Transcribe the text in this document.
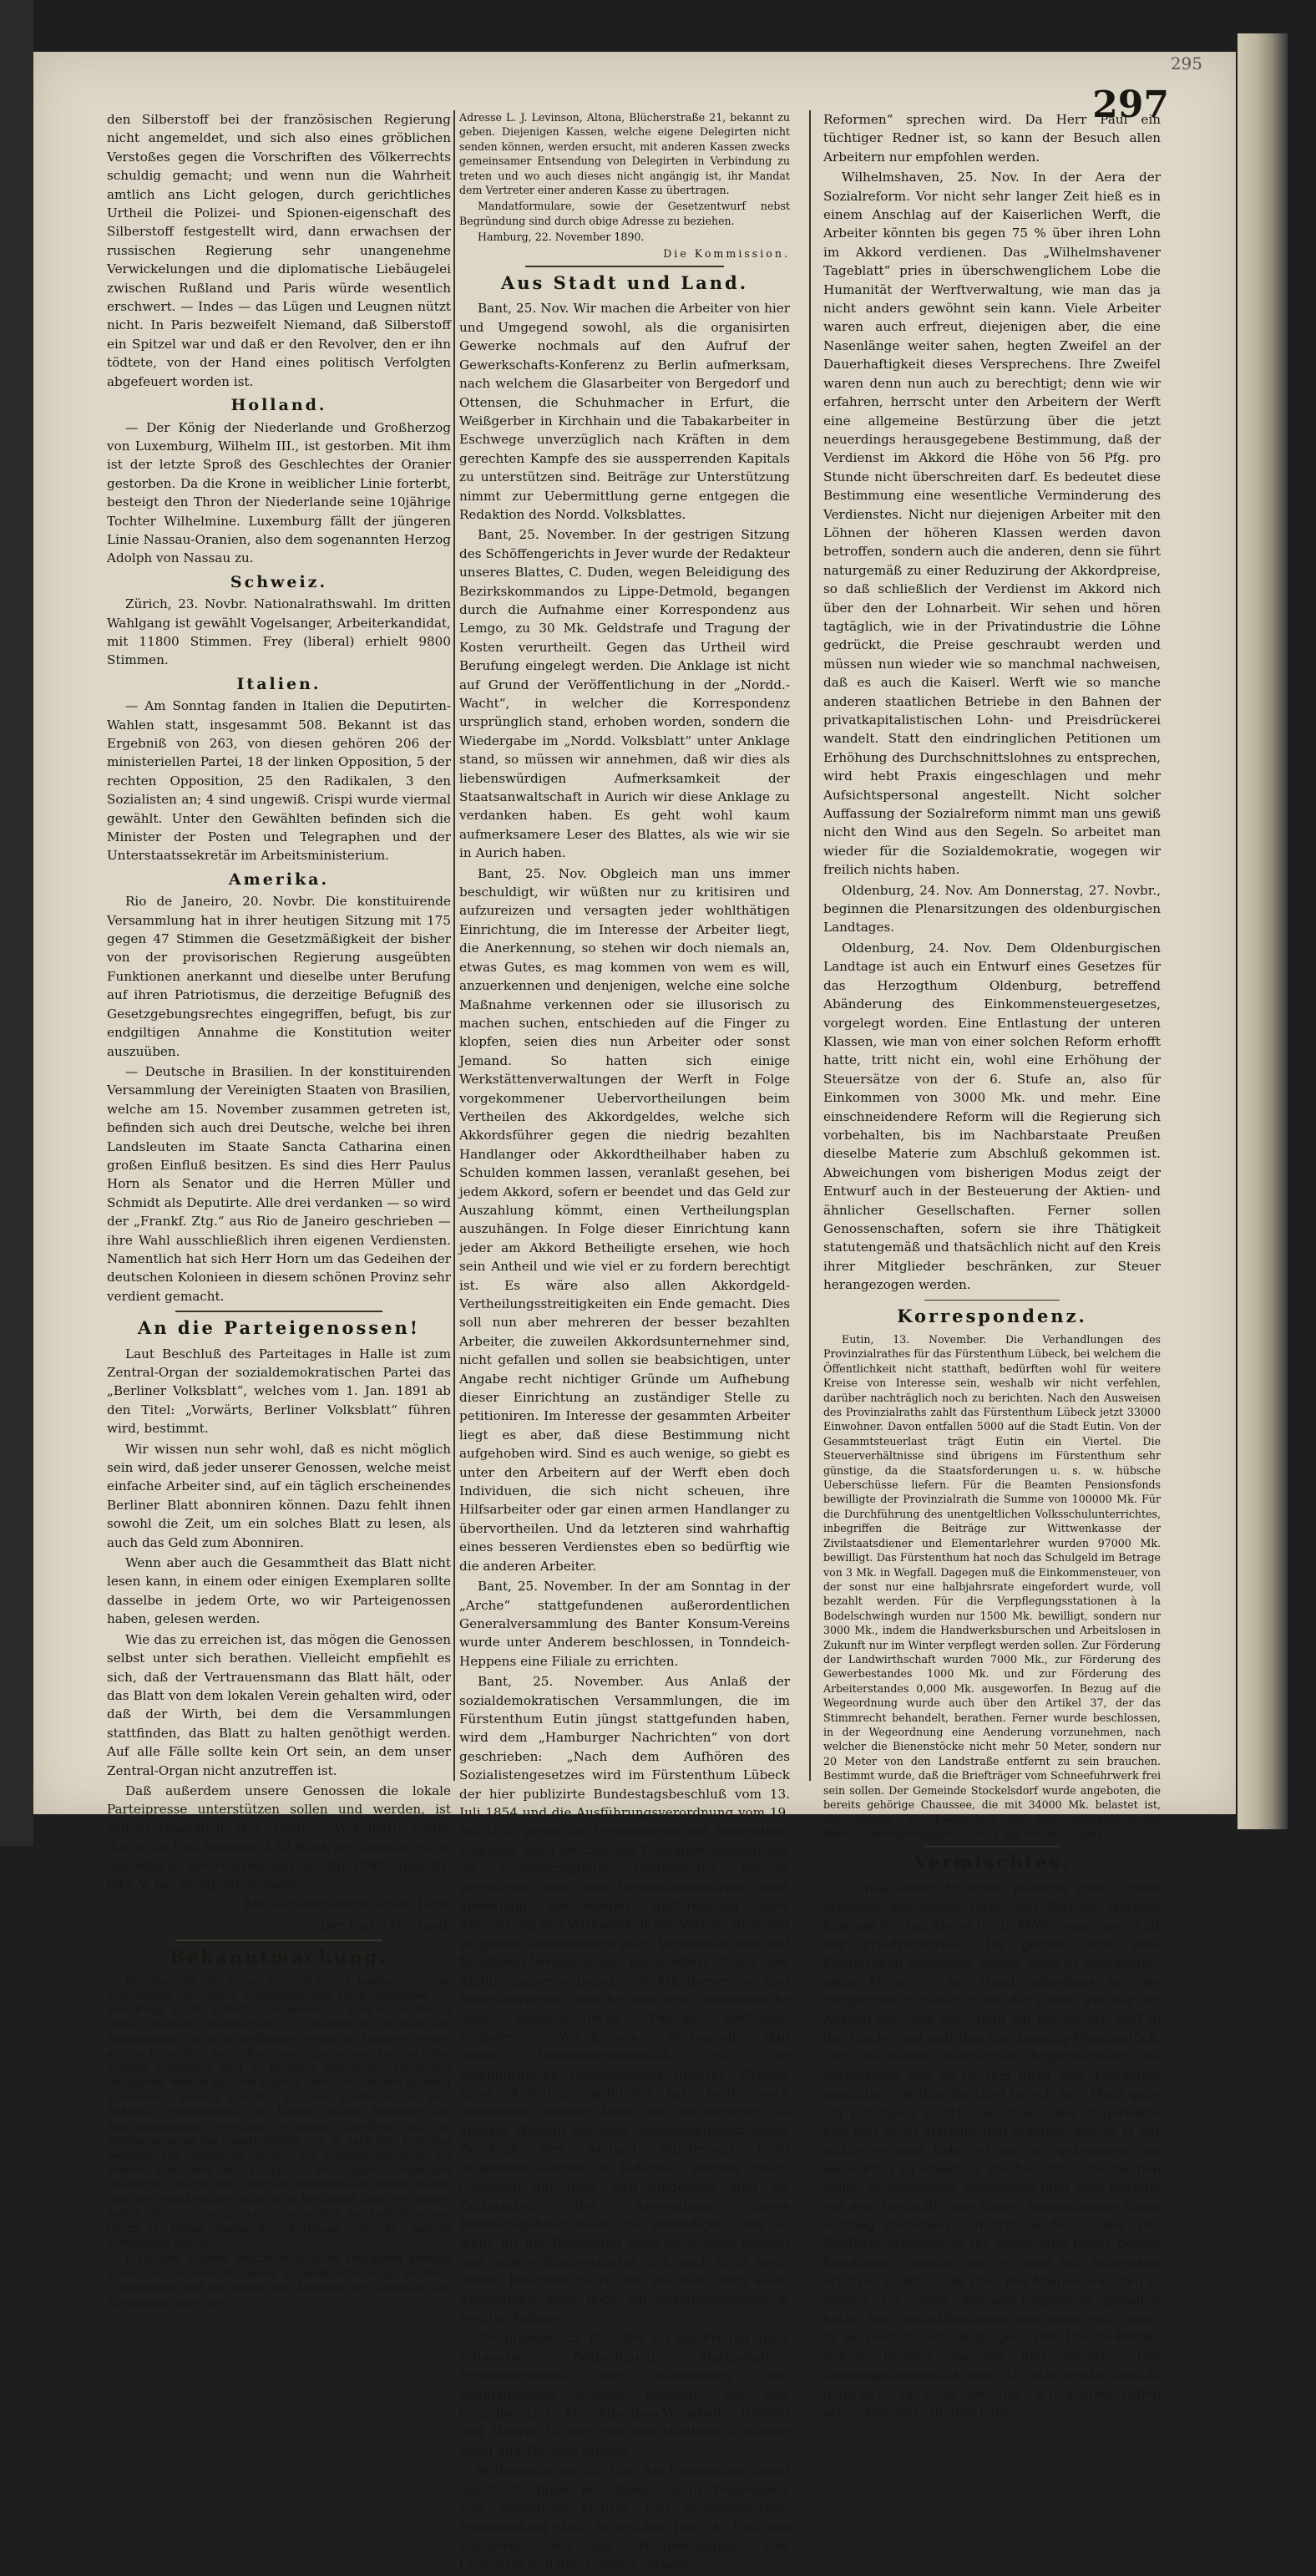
297
295

den Silberstoff bei der französischen Regierung nicht angemeldet, und sich also eines gröblichen Verstoßes gegen die Vorschriften des Völkerrechts schuldig gemacht; und wenn nun die Wahrheit amtlich ans Licht gelogen, durch gerichtliches Urtheil die Polizei- und Spionen-eigenschaft des Silberstoff festgestellt wird, dann erwachsen der russischen Regierung sehr unangenehme Verwickelungen und die diplomatische Liebäugelei zwischen Rußland und Paris würde wesentlich erschwert. — Indes — das Lügen und Leugnen nützt nicht. In Paris bezweifelt Niemand, daß Silberstoff ein Spitzel war und daß er den Revolver, den er ihn tödtete, von der Hand eines politisch Verfolgten abgefeuert worden ist.

Holland.

— Der König der Niederlande und Großherzog von Luxemburg, Wilhelm III., ist gestorben. Mit ihm ist der letzte Sproß des Geschlechtes der Oranier gestorben. Da die Krone in weiblicher Linie forterbt, besteigt den Thron der Niederlande seine 10jährige Tochter Wilhelmine. Luxemburg fällt der jüngeren Linie Nassau-Oranien, also dem sogenannten Herzog Adolph von Nassau zu.

Schweiz.

Zürich, 23. Novbr. Nationalrathswahl. Im dritten Wahlgang ist gewählt Vogelsanger, Arbeiterkandidat, mit 11800 Stimmen. Frey (liberal) erhielt 9800 Stimmen.

Italien.

— Am Sonntag fanden in Italien die Deputirten-Wahlen statt, insgesammt 508. Bekannt ist das Ergebniß von 263, von diesen gehören 206 der ministeriellen Partei, 18 der linken Opposition, 5 der rechten Opposition, 25 den Radikalen, 3 den Sozialisten an; 4 sind ungewiß. Crispi wurde viermal gewählt. Unter den Gewählten befinden sich die Minister der Posten und Telegraphen und der Unterstaatssekretär im Arbeitsministerium.

Amerika.

Rio de Janeiro, 20. Novbr. Die konstituirende Versammlung hat in ihrer heutigen Sitzung mit 175 gegen 47 Stimmen die Gesetzmäßigkeit der bisher von der provisorischen Regierung ausgeübten Funktionen anerkannt und dieselbe unter Berufung auf ihren Patriotismus, die derzeitige Befugniß des Gesetzgebungsrechtes eingegriffen, befugt, bis zur endgiltigen Annahme die Konstitution weiter auszuüben.

— Deutsche in Brasilien. In der konstituirenden Versammlung der Vereinigten Staaten von Brasilien, welche am 15. November zusammen getreten ist, befinden sich auch drei Deutsche, welche bei ihren Landsleuten im Staate Sancta Catharina einen großen Einfluß besitzen. Es sind dies Herr Paulus Horn als Senator und die Herren Müller und Schmidt als Deputirte. Alle drei verdanken — so wird der „Frankf. Ztg.“ aus Rio de Janeiro geschrieben — ihre Wahl ausschließlich ihren eigenen Verdiensten. Namentlich hat sich Herr Horn um das Gedeihen der deutschen Kolonieen in diesem schönen Provinz sehr verdient gemacht.

An die Parteigenossen!

Laut Beschluß des Parteitages in Halle ist zum Zentral-Organ der sozialdemokratischen Partei das „Berliner Volksblatt“, welches vom 1. Jan. 1891 ab den Titel: „Vorwärts, Berliner Volksblatt“ führen wird, bestimmt.

Wir wissen nun sehr wohl, daß es nicht möglich sein wird, daß jeder unserer Genossen, welche meist einfache Arbeiter sind, auf ein täglich erscheinendes Berliner Blatt abonniren können. Dazu fehlt ihnen sowohl die Zeit, um ein solches Blatt zu lesen, als auch das Geld zum Abonniren.

Wenn aber auch die Gesammtheit das Blatt nicht lesen kann, in einem oder einigen Exemplaren sollte dasselbe in jedem Orte, wo wir Parteigenossen haben, gelesen werden.

Wie das zu erreichen ist, das mögen die Genossen selbst unter sich berathen. Vielleicht empfiehlt es sich, daß der Vertrauensmann das Blatt hält, oder das Blatt von dem lokalen Verein gehalten wird, oder daß der Wirth, bei dem die Versammlungen stattfinden, das Blatt zu halten genöthigt werden. Auf alle Fälle sollte kein Ort sein, an dem unser Zentral-Organ nicht anzutreffen ist.

Daß außerdem unsere Genossen die lokale Parteipresse unterstützen sollen und werden, ist selbstverständlich. Das „Berliner Volksblatt“ kostet durch die Post bezogen 3,30 Mark pro Quartal, es ist dasselbe in der Postzeitungsliste für 1890 unter Nr. 892, V. Nachtrag, eingetragen.

Mit sozialdemokratischem Gruß

Der Partei-Vorstand.

Bekanntmachung.

Der Kongreß der freien und auf Grund landesrechtlicher Vorschriften errichteten Hilfskassen tritt am 8. Dezember cr., Vormittags 9 Uhr, in Berlin zusammen. Er wird abgehalten in „Mais' Festsäle“, Büffetstraße 22; daselbst ist zugleich der Sammelpunkt für die eintreffenden Delegirten. Letztere werden an den Bahnhöfen durch Komiteemitglieder, welche eine rothe Schleife erkennlich sind, in Empfang genommen. Diejenigen Delegirten, welche auf dem Lehrter oder Schlesischen Bahnhof ankommen, werden ersucht, mit der Stadtbahn bis zum Bahnhof Friedrichstraße zu fahren. Sollten Delegirte das Empfangskomitee verfehlen, so mögen dieselben sich zur Empfangsnahme des Quartierbillets u. s. w. nach dem Festlokal begeben. Die Delegirten erhalten als Erkennungszeichen ein grünes Bändchen im Knopfloch zu tragen. Diejenigen Delegirten, welche kein Quartier nachgewiesen haben wollen, oder die irgend welche Wünsche in Bezug auf Quartiere haben, wollen dies rechtzeitig dem Vorsitzenden des Lokalkomitees, Herrn H. Röske, Berlin SO., Kottbuser Ufer 62, hiervon Mittheilung machen.

Diejenigen Kassen, welche noch keine Delegirten gewählt haben, werden ersucht, dieses nunmehr schleunigst die Wahl vorzunehmen und die Namen und Adressen der Gewählten der Kommission unter der

Adresse L. J. Levinson, Altona, Blücherstraße 21, bekannt zu geben. Diejenigen Kassen, welche eigene Delegirten nicht senden können, werden ersucht, mit anderen Kassen zwecks gemeinsamer Entsendung von Delegirten in Verbindung zu treten und wo auch dieses nicht angängig ist, ihr Mandat dem Vertreter einer anderen Kasse zu übertragen.

Mandatformulare, sowie der Gesetzentwurf nebst Begründung sind durch obige Adresse zu beziehen.

Hamburg, 22. November 1890.

Die Kommission.

Aus Stadt und Land.

Bant, 25. Nov. Wir machen die Arbeiter von hier und Umgegend sowohl, als die organisirten Gewerke nochmals auf den Aufruf der Gewerkschafts-Konferenz zu Berlin aufmerksam, nach welchem die Glasarbeiter von Bergedorf und Ottensen, die Schuhmacher in Erfurt, die Weißgerber in Kirchhain und die Tabakarbeiter in Eschwege unverzüglich nach Kräften in dem gerechten Kampfe des sie aussperrenden Kapitals zu unterstützen sind. Beiträge zur Unterstützung nimmt zur Uebermittlung gerne entgegen die Redaktion des Nordd. Volksblattes.

Bant, 25. November. In der gestrigen Sitzung des Schöffengerichts in Jever wurde der Redakteur unseres Blattes, C. Duden, wegen Beleidigung des Bezirkskommandos zu Lippe-Detmold, begangen durch die Aufnahme einer Korrespondenz aus Lemgo, zu 30 Mk. Geldstrafe und Tragung der Kosten verurtheilt. Gegen das Urtheil wird Berufung eingelegt werden. Die Anklage ist nicht auf Grund der Veröffentlichung in der „Nordd.-Wacht“, in welcher die Korrespondenz ursprünglich stand, erhoben worden, sondern die Wiedergabe im „Nordd. Volksblatt“ unter Anklage stand, so müssen wir annehmen, daß wir dies als liebenswürdigen Aufmerksamkeit der Staatsanwaltschaft in Aurich wir diese Anklage zu verdanken haben. Es geht wohl kaum aufmerksamere Leser des Blattes, als wie wir sie in Aurich haben.

Bant, 25. Nov. Obgleich man uns immer beschuldigt, wir wüßten nur zu kritisiren und aufzureizen und versagten jeder wohlthätigen Einrichtung, die im Interesse der Arbeiter liegt, die Anerkennung, so stehen wir doch niemals an, etwas Gutes, es mag kommen von wem es will, anzuerkennen und denjenigen, welche eine solche Maßnahme verkennen oder sie illusorisch zu machen suchen, entschieden auf die Finger zu klopfen, seien dies nun Arbeiter oder sonst Jemand. So hatten sich einige Werkstättenverwaltungen der Werft in Folge vorgekommener Uebervortheilungen beim Vertheilen des Akkordgeldes, welche sich Akkordsführer gegen die niedrig bezahlten Handlanger oder Akkordtheilhaber haben zu Schulden kommen lassen, veranlaßt gesehen, bei jedem Akkord, sofern er beendet und das Geld zur Auszahlung kömmt, einen Vertheilungsplan auszuhängen. In Folge dieser Einrichtung kann jeder am Akkord Betheiligte ersehen, wie hoch sein Antheil und wie viel er zu fordern berechtigt ist. Es wäre also allen Akkordgeld-Vertheilungsstreitigkeiten ein Ende gemacht. Dies soll nun aber mehreren der besser bezahlten Arbeiter, die zuweilen Akkordsunternehmer sind, nicht gefallen und sollen sie beabsichtigen, unter Angabe recht nichtiger Gründe um Aufhebung dieser Einrichtung an zuständiger Stelle zu petitioniren. Im Interesse der gesammten Arbeiter liegt es aber, daß diese Bestimmung nicht aufgehoben wird. Sind es auch wenige, so giebt es unter den Arbeitern auf der Werft eben doch Individuen, die sich nicht scheuen, ihre Hilfsarbeiter oder gar einen armen Handlanger zu übervortheilen. Und da letzteren sind wahrhaftig eines besseren Verdienstes eben so bedürftig wie die anderen Arbeiter.

Bant, 25. November. In der am Sonntag in der „Arche“ stattgefundenen außerordentlichen Generalversammlung des Banter Konsum-Vereins wurde unter Anderem beschlossen, in Tonndeich-Heppens eine Filiale zu errichten.

Bant, 25. November. Aus Anlaß der sozialdemokratischen Versammlungen, die im Fürstenthum Eutin jüngst stattgefunden haben, wird dem „Hamburger Nachrichten“ von dort geschrieben: „Nach dem Aufhören des Sozialistengesetzes wird im Fürstenthum Lübeck der hier publizirte Bundestagsbeschluß vom 13. Juli 1854 und die Ausführungsverordnung vom 19. Juli 1855 gegen das Vereinswesen zur Anwendung kommen, nach welcher die Vorstände sämmtlicher im Großherzogthum bestehenden Vereine verpflichtet sind, den Ortspolizeibehörden nach dieserhalb geschehener Aufforderung über Einrichtung und Wirksamkeit der Vereine Auskunft zu geben, insbesondere auch Vereinsstatuten und Mitglieder-Verzeichnisse einzuliefern. Nach der Einführungsverordnung sind Arbeitervereine und Verbrüderungen, welche politische, sozialistische oder kommunistische Zwecke verfolgen, verboten.“ — Wir können nicht begreifen, daß dieser Bundestagsbeschluß, für die oldenburgische Gesetzgebung unseres Wissens keine Aufnahme gefunden hat, heute noch angewandt werden kann, um so weniger, als unseres Wissens vor dem Sozialistengesetz dieser Beschluß des weiland Bundestags nicht angewandt worden ist. Jedenfalls werden unsere Genossen gut thun, sich eingehend über die Zulässigkeit der Anwendung dieses Bundestagsbeschlusses zu erkundigen, um so mehr, als der Bundestag doch nicht mehr besteht und andere Bundesstaaten sich auch nicht mehr diesen Beschluß zu Nutzen machen, denn keine Anwendung wäre doch ein Sozialistengesetz in zweiter Auflage.

Neubremen, 23. Nov. Bei der am Freitag unter schwacher Betheiligung stattgehabten Ergänzungswahl von Mitgliedern zum Schulausschuß wurden gewählt: von den Grundbesitzern Maschinenbau-Vorarbeiter Ihlefeld und Maurer Richter, von den Miethern Schlosser Stehl und Tischler Ripken.

Wilhelmshaven, 25. Nov. Am Donnerstag Abend um 8 Uhr findet bei Oldewurtel in Neuheppens eine öffentliche Maurer- und Bauhandwerker-Versammlung statt, in welcher Herr A. Paul aus Hannover über die „Nothwendigkeit, den Charakter und den Umfang sozialer

Reformen“ sprechen wird. Da Herr Paul ein tüchtiger Redner ist, so kann der Besuch allen Arbeitern nur empfohlen werden.

Wilhelmshaven, 25. Nov. In der Aera der Sozialreform. Vor nicht sehr langer Zeit hieß es in einem Anschlag auf der Kaiserlichen Werft, die Arbeiter könnten bis gegen 75 % über ihren Lohn im Akkord verdienen. Das „Wilhelmshavener Tageblatt“ pries in überschwenglichem Lobe die Humanität der Werftverwaltung, wie man das ja nicht anders gewöhnt sein kann. Viele Arbeiter waren auch erfreut, diejenigen aber, die eine Nasenlänge weiter sahen, hegten Zweifel an der Dauerhaftigkeit dieses Versprechens. Ihre Zweifel waren denn nun auch zu berechtigt; denn wie wir erfahren, herrscht unter den Arbeitern der Werft eine allgemeine Bestürzung über die jetzt neuerdings herausgegebene Bestimmung, daß der Verdienst im Akkord die Höhe von 56 Pfg. pro Stunde nicht überschreiten darf. Es bedeutet diese Bestimmung eine wesentliche Verminderung des Verdienstes. Nicht nur diejenigen Arbeiter mit den Löhnen der höheren Klassen werden davon betroffen, sondern auch die anderen, denn sie führt naturgemäß zu einer Reduzirung der Akkordpreise, so daß schließlich der Verdienst im Akkord nich über den der Lohnarbeit. Wir sehen und hören tagtäglich, wie in der Privatindustrie die Löhne gedrückt, die Preise geschraubt werden und müssen nun wieder wie so manchmal nachweisen, daß es auch die Kaiserl. Werft wie so manche anderen staatlichen Betriebe in den Bahnen der privatkapitalistischen Lohn- und Preisdrückerei wandelt. Statt den eindringlichen Petitionen um Erhöhung des Durchschnittslohnes zu entsprechen, wird hebt Praxis eingeschlagen und mehr Aufsichtspersonal angestellt. Nicht solcher Auffassung der Sozialreform nimmt man uns gewiß nicht den Wind aus den Segeln. So arbeitet man wieder für die Sozialdemokratie, wogegen wir freilich nichts haben.

Oldenburg, 24. Nov. Am Donnerstag, 27. Novbr., beginnen die Plenarsitzungen des oldenburgischen Landtages.

Oldenburg, 24. Nov. Dem Oldenburgischen Landtage ist auch ein Entwurf eines Gesetzes für das Herzogthum Oldenburg, betreffend Abänderung des Einkommensteuergesetzes, vorgelegt worden. Eine Entlastung der unteren Klassen, wie man von einer solchen Reform erhofft hatte, tritt nicht ein, wohl eine Erhöhung der Steuersätze von der 6. Stufe an, also für Einkommen von 3000 Mk. und mehr. Eine einschneidendere Reform will die Regierung sich vorbehalten, bis im Nachbarstaate Preußen dieselbe Materie zum Abschluß gekommen ist. Abweichungen vom bisherigen Modus zeigt der Entwurf auch in der Besteuerung der Aktien- und ähnlicher Gesellschaften. Ferner sollen Genossenschaften, sofern sie ihre Thätigkeit statutengemäß und thatsächlich nicht auf den Kreis ihrer Mitglieder beschränken, zur Steuer herangezogen werden.

Korrespondenz.

Eutin, 13. November. Die Verhandlungen des Provinzialrathes für das Fürstenthum Lübeck, bei welchem die Öffentlichkeit nicht statthaft, bedürften wohl für weitere Kreise von Interesse sein, weshalb wir nicht verfehlen, darüber nachträglich noch zu berichten. Nach den Ausweisen des Provinzialraths zahlt das Fürstenthum Lübeck jetzt 33000 Einwohner. Davon entfallen 5000 auf die Stadt Eutin. Von der Gesammtsteuerlast trägt Eutin ein Viertel. Die Steuerverhältnisse sind übrigens im Fürstenthum sehr günstige, da die Staatsforderungen u. s. w. hübsche Ueberschüsse liefern. Für die Beamten Pensionsfonds bewilligte der Provinzialrath die Summe von 100000 Mk. Für die Durchführung des unentgeltlichen Volksschulunterrichtes, inbegriffen die Beiträge zur Wittwenkasse der Zivilstaatsdiener und Elementarlehrer wurden 97000 Mk. bewilligt. Das Fürstenthum hat noch das Schulgeld im Betrage von 3 Mk. in Wegfall. Dagegen muß die Einkommensteuer, von der sonst nur eine halbjahrsrate eingefordert wurde, voll bezahlt werden. Für die Verpflegungsstationen à la Bodelschwingh wurden nur 1500 Mk. bewilligt, sondern nur 3000 Mk., indem die Handwerksburschen und Arbeitslosen in Zukunft nur im Winter verpflegt werden sollen. Zur Förderung der Landwirthschaft wurden 7000 Mk., zur Förderung des Gewerbestandes 1000 Mk. und zur Förderung des Arbeiterstandes 0,000 Mk. ausgeworfen. In Bezug auf die Wegeordnung wurde auch über den Artikel 37, der das Stimmrecht behandelt, berathen. Ferner wurde beschlossen, in der Wegeordnung eine Aenderung vorzunehmen, nach welcher die Bienenstöcke nicht mehr 50 Meter, sondern nur 20 Meter von den Landstraße entfernt zu sein brauchen. Bestimmt wurde, daß die Briefträger vom Schneefuhrwerk frei sein sollen. Der Gemeinde Stockelsdorf wurde angeboten, die bereits gehörige Chaussee, die mit 34000 Mk. belastet ist, abzunehmen. In Abwesenheit des Regierungspräsidenten führte Oberregierungsrath Möck die Verhandlungen.

Vermischtes.

— Was einem Millionär passiren kann. Einem Millionär aus einem Vorort des Berliner Westens kam am Freitag Abend in ein Möbelwaarengeschäft der Friedrichstraße. Da gerade sehr viele Käuferinnen anwesend waren, blieb er bescheiden, seine Mütze in der Hand, allerdings bei der Eingangsthür stehen. Einer der Chefs, welcher der Ansicht war, daß der Mann ein Bettler sei, griff in die Tasche und gab ihm ein Zwanzig-Pfennigstück. Der Beschenkte betrachtete kopfschüttelnd das Nickelstück und es ist ihm nicht zum Fortgehen ansichtig, rief ihm der Chef barsch zu: „Mehr gebe ich prinzipiell nicht!“ Darob war der Angeredete nun erst recht erstaunt und erklärte, daß er ja gar nichts verlangt habe; er sei nur gekommen, um seine Frau zu erwarten, die hier Einkäufe machen wolle. In demselben Augenblick hielt eine Kutsche vor dem Geschäft, eine ältere, feingekleidete Dame entstieg derselben und trat in den Laden. Der Kaufherr erkannte in ihr sofort eine feiner besten Kundinnen, welche, wie er jetzt mit Schrecken erfahren mußte — die Frau des Mannes war, den er soeben für einen Almosen-Empfänger gehalten hatte. Der Geschäftsinhaber erschöpfte sich sofort in tausend Entschuldigungen. Der Pseudo-Bettler jedoch lächelte darüber und meinte: „Das Zwanzigpfennigstück gebe ich nicht wieder zurück, denn es ist das erste Geld, das ich in meinem Leben als — Almosen erhalten habe.“
